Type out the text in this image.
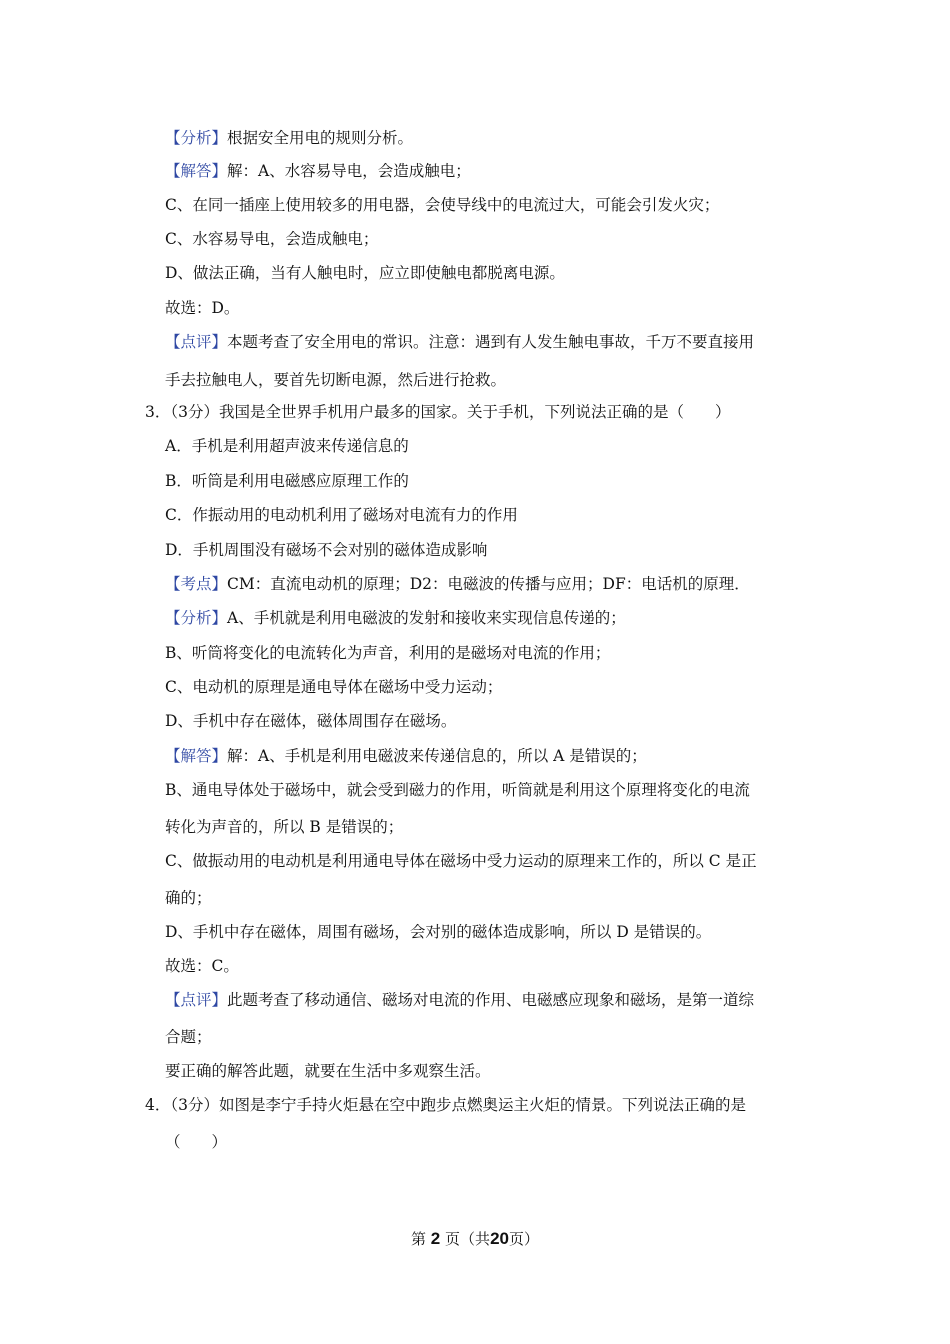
【分析】根据安全用电的规则分析。
【解答】解：A、水容易导电，会造成触电；
C、在同一插座上使用较多的用电器，会使导线中的电流过大，可能会引发火灾；
C、水容易导电，会造成触电；
D、做法正确，当有人触电时，应立即使触电都脱离电源。
故选：D。
【点评】本题考查了安全用电的常识。注意：遇到有人发生触电事故，千万不要直接用
手去拉触电人，要首先切断电源，然后进行抢救。
3．（3分）我国是全世界手机用户最多的国家。关于手机，下列说法正确的是（　　）
A．手机是利用超声波来传递信息的
B．听筒是利用电磁感应原理工作的
C．作振动用的电动机利用了磁场对电流有力的作用
D．手机周围没有磁场不会对别的磁体造成影响
【考点】CM：直流电动机的原理；D2：电磁波的传播与应用；DF：电话机的原理．
【分析】A、手机就是利用电磁波的发射和接收来实现信息传递的；
B、听筒将变化的电流转化为声音，利用的是磁场对电流的作用；
C、电动机的原理是通电导体在磁场中受力运动；
D、手机中存在磁体，磁体周围存在磁场。
【解答】解：A、手机是利用电磁波来传递信息的，所以 A 是错误的；
B、通电导体处于磁场中，就会受到磁力的作用，听筒就是利用这个原理将变化的电流
转化为声音的，所以 B 是错误的；
C、做振动用的电动机是利用通电导体在磁场中受力运动的原理来工作的，所以 C 是正
确的；
D、手机中存在磁体，周围有磁场，会对别的磁体造成影响，所以 D 是错误的。
故选：C。
【点评】此题考查了移动通信、磁场对电流的作用、电磁感应现象和磁场，是第一道综
合题；
要正确的解答此题，就要在生活中多观察生活。
4．（3分）如图是李宁手持火炬悬在空中跑步点燃奥运主火炬的情景。下列说法正确的是
（　　）
第 2 页（共20页）
